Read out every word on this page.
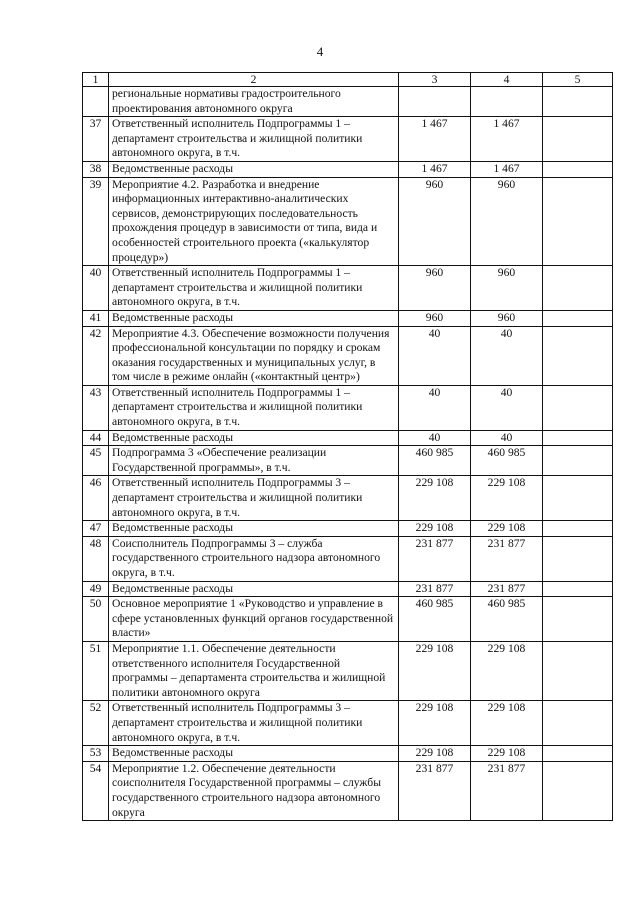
4
1	2	3	4	5
	региональные нормативы градостроительного проектирования автономного округа			
37	Ответственный исполнитель Подпрограммы 1 – департамент строительства и жилищной политики автономного округа, в т.ч.	1 467	1 467	
38	Ведомственные расходы	1 467	1 467	
39	Мероприятие 4.2. Разработка и внедрение информационных интерактивно-аналитических сервисов, демонстрирующих последовательность прохождения процедур в зависимости от типа, вида и особенностей строительного проекта («калькулятор процедур»)	960	960	
40	Ответственный исполнитель Подпрограммы 1 – департамент строительства и жилищной политики автономного округа, в т.ч.	960	960	
41	Ведомственные расходы	960	960	
42	Мероприятие 4.3. Обеспечение возможности получения профессиональной консультации по порядку и срокам оказания государственных и муниципальных услуг, в том числе в режиме онлайн («контактный центр»)	40	40	
43	Ответственный исполнитель Подпрограммы 1 – департамент строительства и жилищной политики автономного округа, в т.ч.	40	40	
44	Ведомственные расходы	40	40	
45	Подпрограмма 3 «Обеспечение реализации Государственной программы», в т.ч.	460 985	460 985	
46	Ответственный исполнитель Подпрограммы 3 – департамент строительства и жилищной политики автономного округа, в т.ч.	229 108	229 108	
47	Ведомственные расходы	229 108	229 108	
48	Соисполнитель Подпрограммы 3 – служба государственного строительного надзора автономного округа, в т.ч.	231 877	231 877	
49	Ведомственные расходы	231 877	231 877	
50	Основное мероприятие 1 «Руководство и управление в сфере установленных функций органов государственной власти»	460 985	460 985	
51	Мероприятие 1.1. Обеспечение деятельности ответственного исполнителя Государственной программы – департамента строительства и жилищной политики автономного округа	229 108	229 108	
52	Ответственный исполнитель Подпрограммы 3 – департамент строительства и жилищной политики автономного округа, в т.ч.	229 108	229 108	
53	Ведомственные расходы	229 108	229 108	
54	Мероприятие 1.2. Обеспечение деятельности соисполнителя Государственной программы – службы государственного строительного надзора автономного округа	231 877	231 877	
